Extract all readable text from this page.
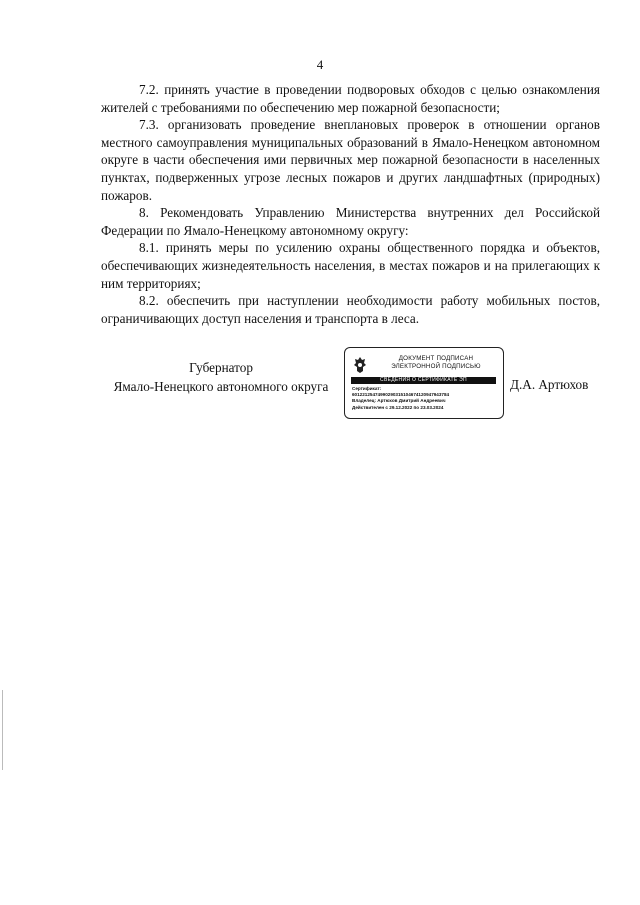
4

7.2. принять участие в проведении подворовых обходов с целью ознакомления жителей с требованиями по обеспечению мер пожарной безопасности;

7.3. организовать проведение внеплановых проверок в отношении органов местного самоуправления муниципальных образований в Ямало-Ненецком автономном округе в части обеспечения ими первичных мер пожарной безопасности в населенных пунктах, подверженных угрозе лесных пожаров и других ландшафтных (природных) пожаров.

8. Рекомендовать Управлению Министерства внутренних дел Российской Федерации по Ямало-Ненецкому автономному округу:

8.1. принять меры по усилению охраны общественного порядка и объектов, обеспечивающих жизнедеятельность населения, в местах пожаров и на прилегающих к ним территориях;

8.2. обеспечить при наступлении необходимости работу мобильных постов, ограничивающих доступ населения и транспорта в леса.

Губернатор
Ямало-Ненецкого автономного округа
ДОКУМЕНТ ПОДПИСАН
ЭЛЕКТРОННОЙ ПОДПИСЬЮ
СВЕДЕНИЯ О СЕРТИФИКАТЕ ЭП
Сертификат:
60122125474990290315104674120947943784
Владелец: Артюхов Дмитрий Андреевич
Действителен с 29.12.2022 по 23.03.2024
Д.А. Артюхов
